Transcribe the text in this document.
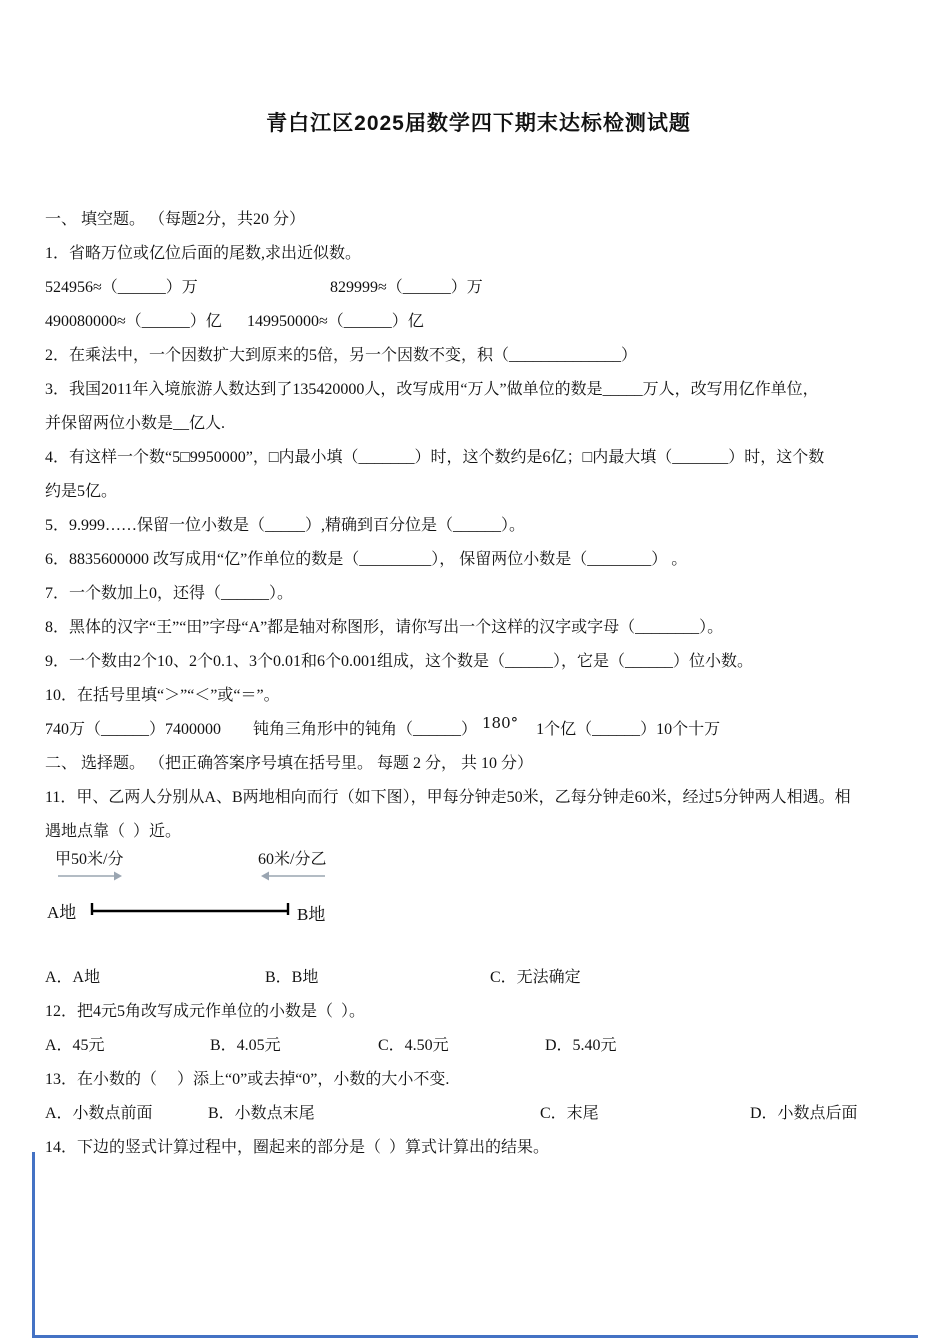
青白江区2025届数学四下期末达标检测试题
一、 填空题。 （每题2分，共20 分）
1．省略万位或亿位后面的尾数,求出近似数。
524956≈（______）万	829999≈（______）万
490080000≈（______）亿	149950000≈（______）亿
2．在乘法中，一个因数扩大到原来的5倍，另一个因数不变，积（______________）
3．我国2011年入境旅游人数达到了135420000人，改写成用“万人”做单位的数是_____万人，改写用亿作单位，
并保留两位小数是__亿人.
4．有这样一个数“5□9950000”，□内最小填（_______）时，这个数约是6亿；□内最大填（_______）时，这个数
约是5亿。
5．9.999……保留一位小数是（_____）,精确到百分位是（______）。
6．8835600000 改写成用“亿”作单位的数是（_________）， 保留两位小数是（________） 。
7．一个数加上0，还得（______）。
8．黑体的汉字“王”“田”字母“A”都是轴对称图形，请你写出一个这样的汉字或字母（________）。
9．一个数由2个10、2个0.1、3个0.01和6个0.001组成，这个数是（______），它是（______）位小数。
10．在括号里填“＞”“＜”或“＝”。
740万（______）7400000	钝角三角形中的钝角（______） 180° 1个亿（______）10个十万
二、 选择题。 （把正确答案序号填在括号里。 每题 2 分， 共 10 分）
11．甲、乙两人分别从A、B两地相向而行（如下图），甲每分钟走50米，乙每分钟走60米，经过5分钟两人相遇。相
遇地点靠（  ）近。
甲50米/分	60米/分乙
A地	B地
A．A地	B．B地	C．无法确定
12．把4元5角改写成元作单位的小数是（  ）。
A．45元	B．4.05元	C．4.50元	D．5.40元
13．在小数的（     ）添上“0”或去掉“0”，小数的大小不变.
A．小数点前面	B．小数点末尾	C．末尾	D．小数点后面
14．下边的竖式计算过程中，圈起来的部分是（  ）算式计算出的结果。
